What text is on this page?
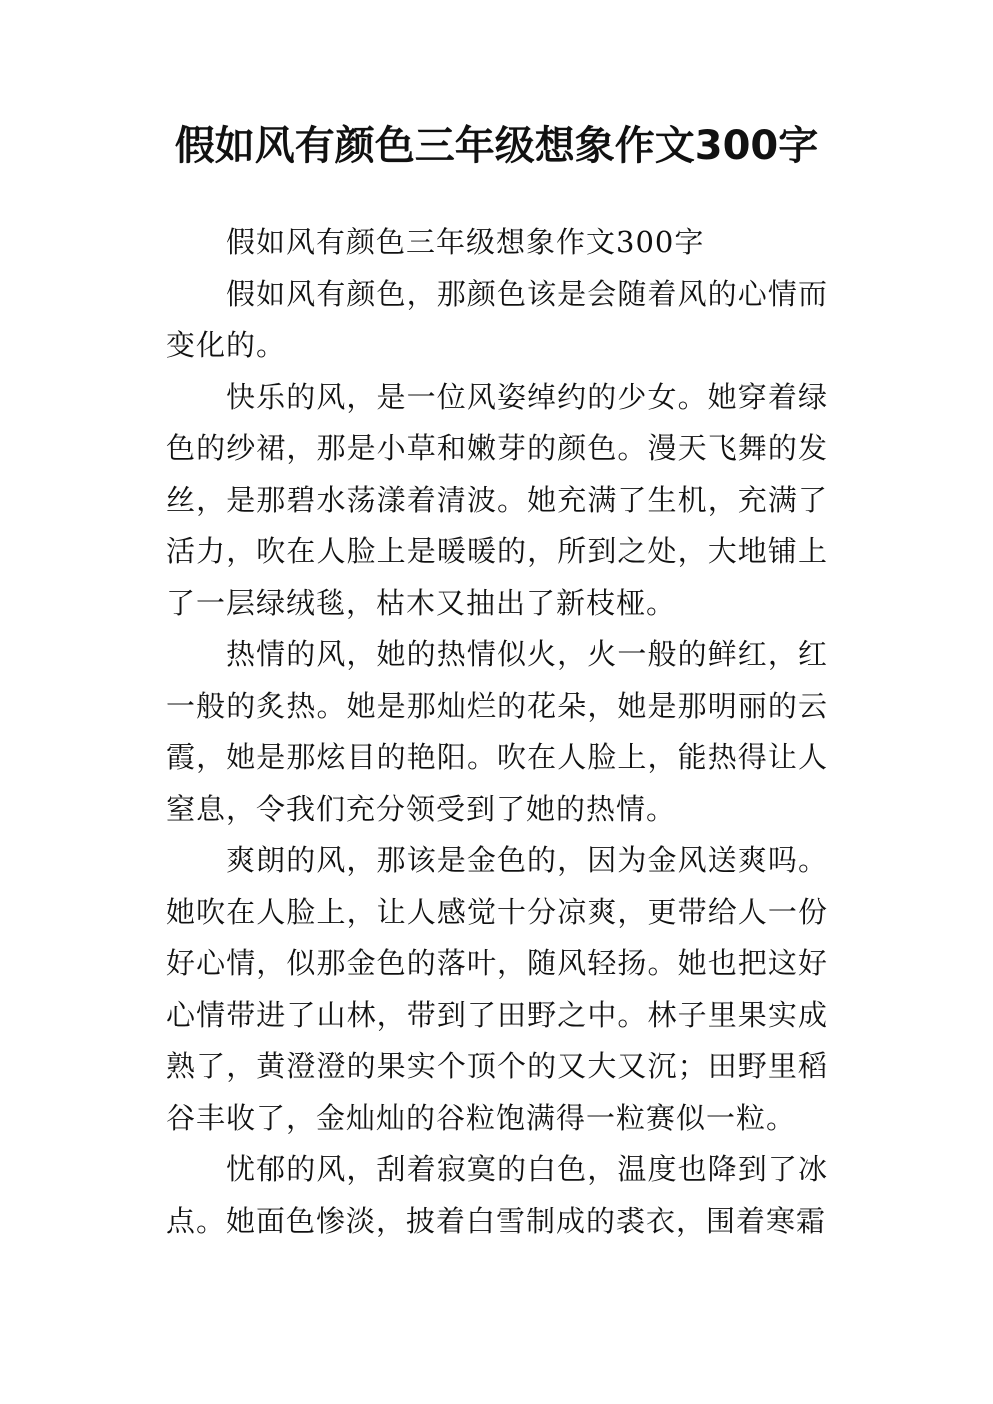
假如风有颜色三年级想象作文300字

假如风有颜色三年级想象作文300字

假如风有颜色，那颜色该是会随着风的心情而变化的。

快乐的风，是一位风姿绰约的少女。她穿着绿色的纱裙，那是小草和嫩芽的颜色。漫天飞舞的发丝，是那碧水荡漾着清波。她充满了生机，充满了活力，吹在人脸上是暖暖的，所到之处，大地铺上了一层绿绒毯，枯木又抽出了新枝桠。

热情的风，她的热情似火，火一般的鲜红，红一般的炙热。她是那灿烂的花朵，她是那明丽的云霞，她是那炫目的艳阳。吹在人脸上，能热得让人窒息，令我们充分领受到了她的热情。

爽朗的风，那该是金色的，因为金风送爽吗。她吹在人脸上，让人感觉十分凉爽，更带给人一份好心情，似那金色的落叶，随风轻扬。她也把这好心情带进了山林，带到了田野之中。林子里果实成熟了，黄澄澄的果实个顶个的又大又沉；田野里稻谷丰收了，金灿灿的谷粒饱满得一粒赛似一粒。

忧郁的风，刮着寂寞的白色，温度也降到了冰点。她面色惨淡，披着白雪制成的裘衣，围着寒霜
